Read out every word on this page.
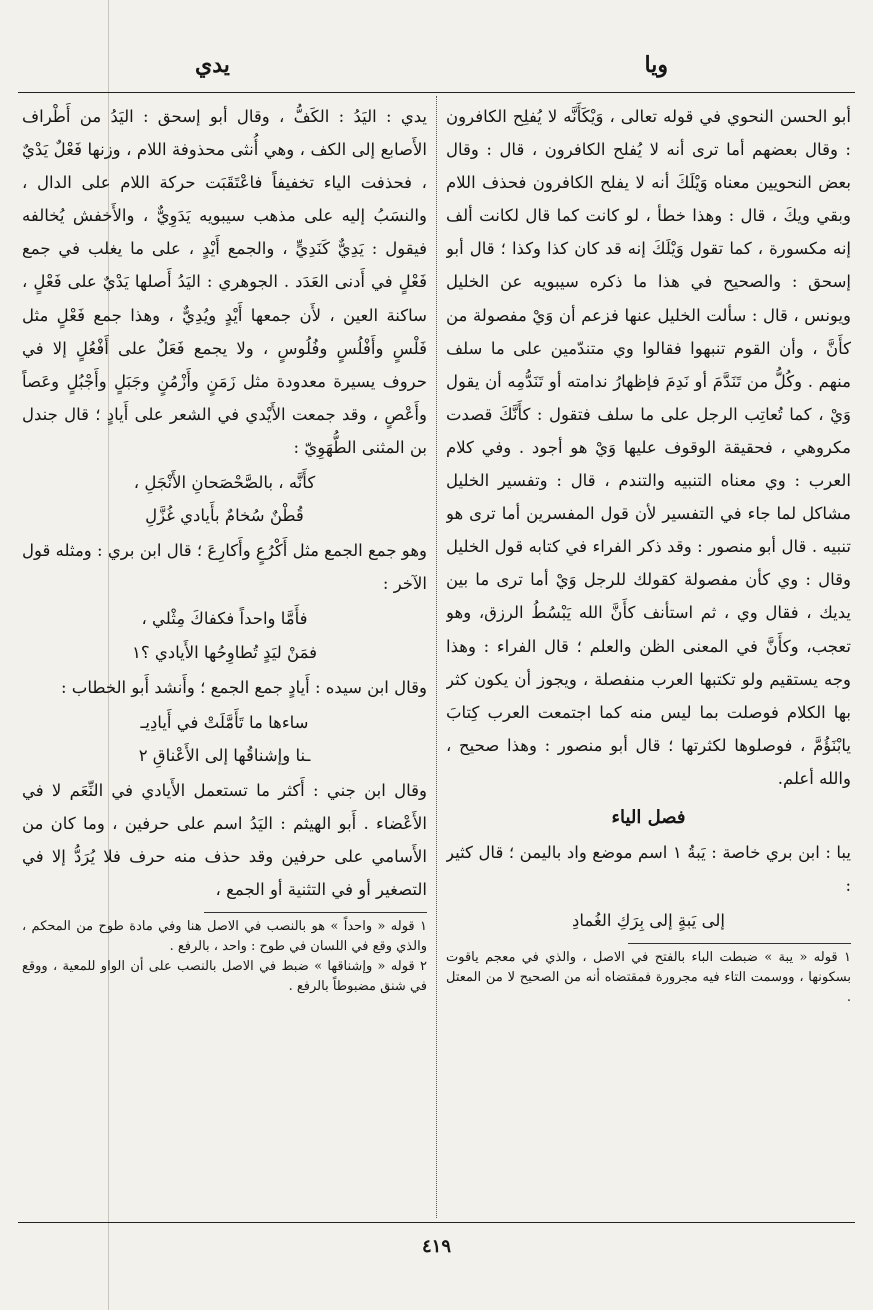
ويا
يدي

أبو الحسن النحوي في قوله تعالى ، وَيْكَأَنَّه لا يُفلِح الكافرون : وقال بعضهم أما ترى أنه لا يُفلح الكافرون ، قال : وقال بعض النحويين معناه وَيْلَكَ أنه لا يفلح الكافرون فحذف اللام وبقي ويكَ ، قال : وهذا خطأ ، لو كانت كما قال لكانت ألف إنه مكسورة ، كما تقول وَيْلَكَ إنه قد كان كذا وكذا ؛ قال أبو إسحق : والصحيح في هذا ما ذكره سيبويه عن الخليل ويونس ، قال : سألت الخليل عنها فزعم أن وَيْ مفصولة من كأَنَّ ، وأن القوم تنبهوا فقالوا وي متندّمين على ما سلف منهم . وكُلُّ من تَنَدَّمَ أو نَدِمَ فإظهارُ ندامته أو تَنَدُّمِه أن يقول وَيْ ، كما تُعاتِب الرجل على ما سلف فتقول : كأَنَّكَ قصدت مكروهي ، فحقيقة الوقوف عليها وَيْ هو أجود . وفي كلام العرب : وي معناه التنبيه والتندم ، قال : وتفسير الخليل مشاكل لما جاء في التفسير لأن قول المفسرين أما ترى هو تنبيه . قال أبو منصور : وقد ذكر الفراء في كتابه قول الخليل وقال : وي كأن مفصولة كقولك للرجل وَيْ أما ترى ما بين يديك ، فقال وي ، ثم استأنف كأَنَّ الله يَبْسُطُ الرزق، وهو تعجب، وكأَنَّ في المعنى الظن والعلم ؛ قال الفراء : وهذا وجه يستقيم ولو تكتبها العرب منفصلة ، ويجوز أن يكون كثر بها الكلام فوصلت بما ليس منه كما اجتمعت العرب كِتابَ يابْنَؤُمَّ ، فوصلوها لكثرتها ؛ قال أبو منصور : وهذا صحيح ، والله أعلم.

فصل الياء

يبا : ابن بري خاصة : يَبةُ ١ اسم موضع واد باليمن ؛ قال كثير :

إلى يَبةٍ إلى بِرَكِ الغُمادِ

١ قوله « يبة » ضبطت الباء بالفتح في الاصل ، والذي في معجم ياقوت بسكونها ، ووسمت التاء فيه مجرورة فمقتضاه أنه من الصحيح لا من المعتل .

يدي : اليَدُ : الكَفُّ ، وقال أبو إسحق : اليَدُ من أَطْراف الأَصابع إلى الكف ، وهي أُنثى محذوفة اللام ، وزنها فَعْلٌ يَدْيٌ ، فحذفت الياء تخفيفاً فاعْتَقَبَت حركة اللام على الدال ، والنسَبُ إليه على مذهب سيبويه يَدَوِيٌّ ، والأَخفش يُخالفه فيقول : يَدِيٌّ كَنَدِيٍّ ، والجمع أَيْدٍ ، على ما يغلب في جمع فَعْلٍ في أَدنى العَدَد . الجوهري : اليَدُ أَصلها يَدْيٌ على فَعْلٍ ، ساكنة العين ، لأَن جمعها أَيْدٍ ويُدِيٌّ ، وهذا جمع فَعْلٍ مثل فَلْسٍ وأَفْلُسٍ وفُلُوسٍ ، ولا يجمع فَعَلٌ على أَفْعُلٍ إلا في حروف يسيرة معدودة مثل زَمَنٍ وأَزْمُنٍ وجَبَلٍ وأَجْبُلٍ وعَصاً وأَعْصٍ ، وقد جمعت الأَيْدي في الشعر على أَيادٍ ؛ قال جندل بن المثنى الطُّهَوِيّ :

كأَنَّه ، بالصَّحْصَحانِ الأَنْجَلِ ،
قُطْنٌ سُخامٌ بأَيادي غُزَّلِ

وهو جمع الجمع مثل أَكْرُعٍ وأَكارِعَ ؛ قال ابن بري : ومثله قول الآخر :

فأَمَّا واحداً فكفاكَ مِثْلي ،
فمَنْ ليَدٍ تُطاوِحُها الأَيادي ؟١

وقال ابن سيده : أَيادٍ جمع الجمع ؛ وأَنشد أَبو الخطاب :

ساءها ما تَأَمَّلَتْ في أَيادِيـ
ـنا وإشناقُها إلى الأَعْناقِ ٢

وقال ابن جني : أَكثر ما تستعمل الأَيادي في النِّعَم لا في الأَعْضاء . أَبو الهيثم : اليَدُ اسم على حرفين ، وما كان من الأَسامي على حرفين وقد حذف منه حرف فلا يُرَدُّ إلا في التصغير أو في التثنية أو الجمع ،

١ قوله « واحداً » هو بالنصب في الاصل هنا وفي مادة طوح من المحكم ، والذي وقع في اللسان في طوح : واحد ، بالرفع .

٢ قوله « وإشناقها » ضبط في الاصل بالنصب على أن الواو للمعية ، ووقع في شنق مضبوطاً بالرفع .

٤١٩
